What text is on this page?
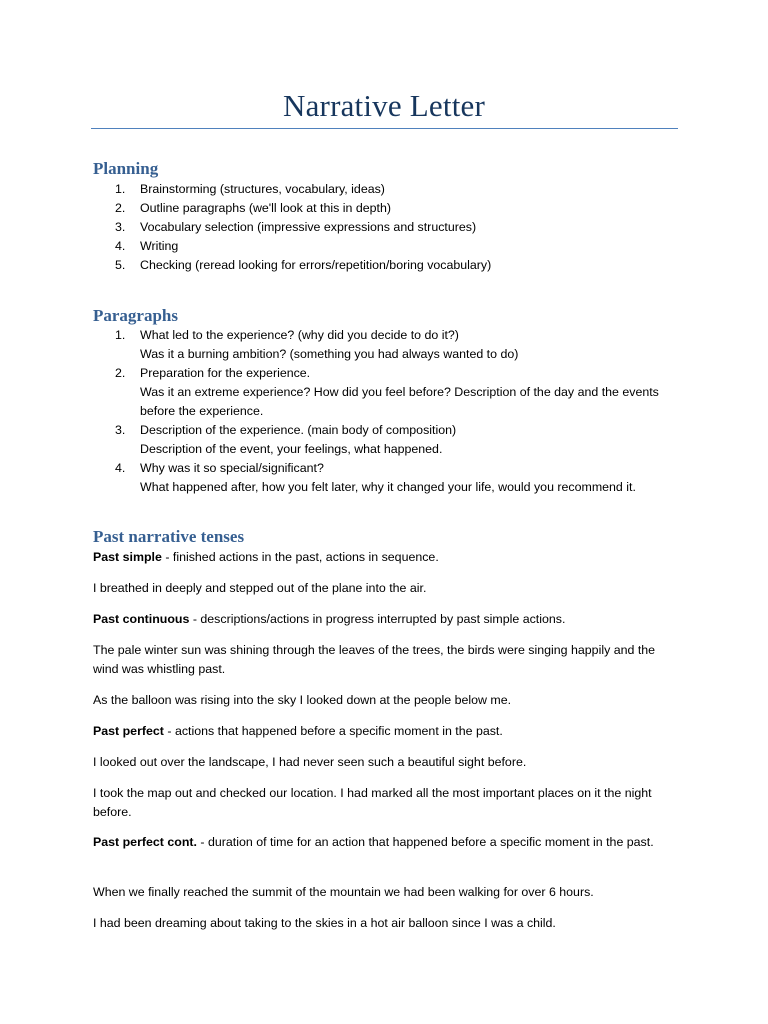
Narrative Letter
Planning
1. Brainstorming (structures, vocabulary, ideas)
2. Outline paragraphs (we'll look at this in depth)
3. Vocabulary selection (impressive expressions and structures)
4. Writing
5. Checking (reread looking for errors/repetition/boring vocabulary)
Paragraphs
1. What led to the experience? (why did you decide to do it?)
Was it a burning ambition? (something you had always wanted to do)
2. Preparation for the experience.
Was it an extreme experience? How did you feel before? Description of the day and the events before the experience.
3. Description of the experience. (main body of composition)
Description of the event, your feelings, what happened.
4. Why was it so special/significant?
What happened after, how you felt later, why it changed your life, would you recommend it.
Past narrative tenses

Past simple - finished actions in the past, actions in sequence.

I breathed in deeply and stepped out of the plane into the air.

Past continuous - descriptions/actions in progress interrupted by past simple actions.

The pale winter sun was shining through the leaves of the trees, the birds were singing happily and the wind was whistling past.

As the balloon was rising into the sky I looked down at the people below me.

Past perfect - actions that happened before a specific moment in the past.

I looked out over the landscape, I had never seen such a beautiful sight before.

I took the map out and checked our location. I had marked all the most important places on it the night before.

Past perfect cont. - duration of time for an action that happened before a specific moment in the past.

When we finally reached the summit of the mountain we had been walking for over 6 hours.

I had been dreaming about taking to the skies in a hot air balloon since I was a child.
